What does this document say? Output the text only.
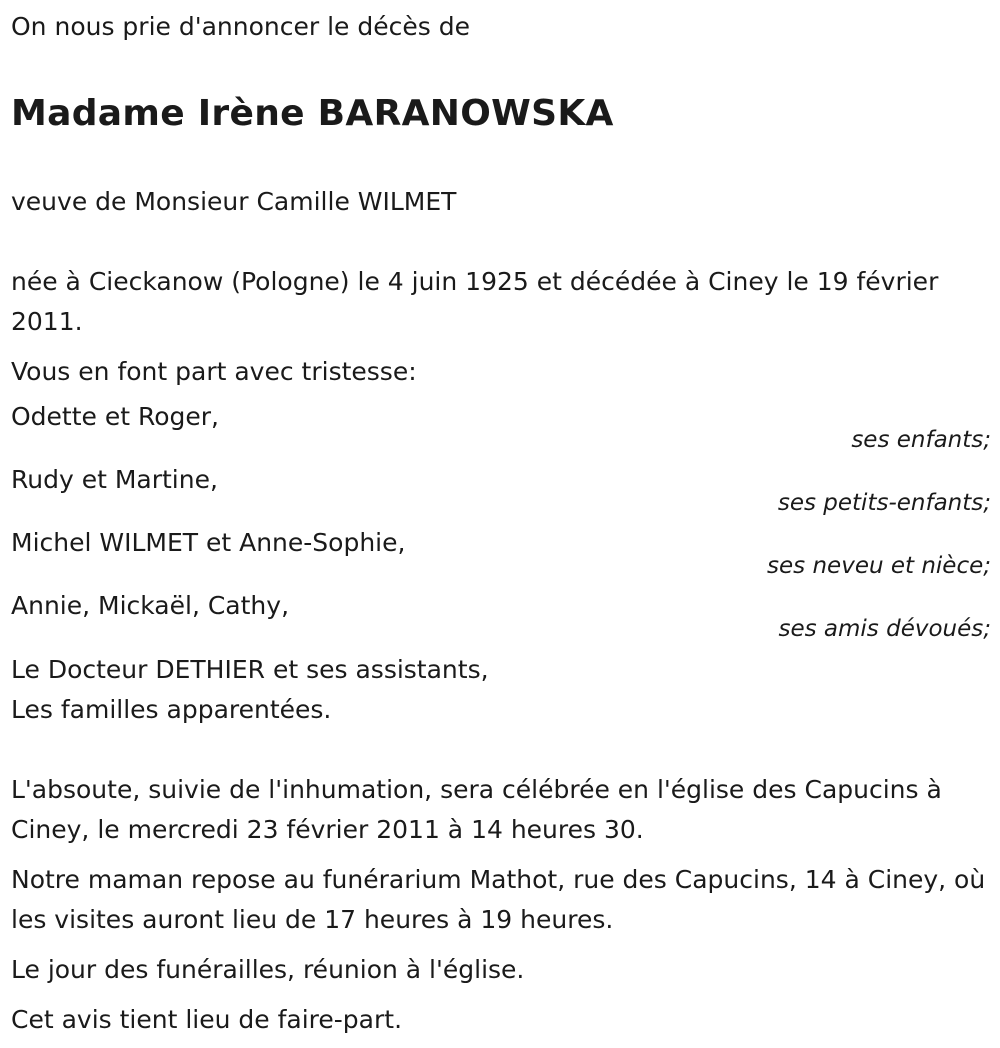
On nous prie d'annoncer le décès de

Madame Irène BARANOWSKA

veuve de Monsieur Camille WILMET

née à Cieckanow (Pologne) le 4 juin 1925 et décédée à Ciney le 19 février 2011.

Vous en font part avec tristesse:

Odette et Roger,

ses enfants;

Rudy et Martine,

ses petits-enfants;

Michel WILMET et Anne-Sophie,

ses neveu et nièce;

Annie, Mickaël, Cathy,

ses amis dévoués;

Le Docteur DETHIER et ses assistants,

Les familles apparentées.

L'absoute, suivie de l'inhumation, sera célébrée en l'église des Capucins à Ciney, le mercredi 23 février 2011 à 14 heures 30.

Notre maman repose au funérarium Mathot, rue des Capucins, 14 à Ciney, où les visites auront lieu de 17 heures à 19 heures.

Le jour des funérailles, réunion à l'église.

Cet avis tient lieu de faire-part.
